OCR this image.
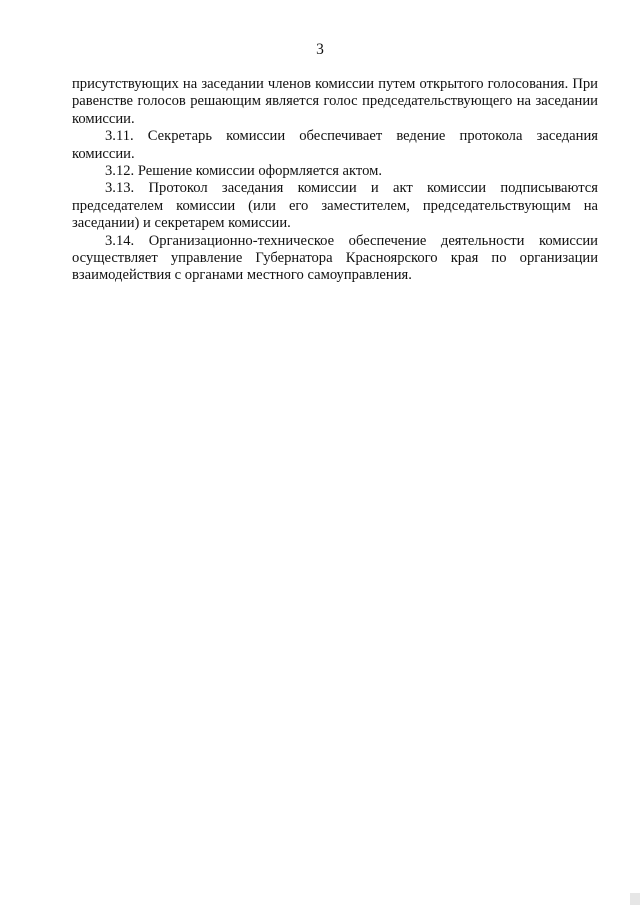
3

присутствующих на заседании членов комиссии путем открытого голосования. При равенстве голосов решающим является голос председательствующего на заседании комиссии.

3.11. Секретарь комиссии обеспечивает ведение протокола заседания комиссии.

3.12. Решение комиссии оформляется актом.

3.13. Протокол заседания комиссии и акт комиссии подписываются председателем комиссии (или его заместителем, председательствующим на заседании) и секретарем комиссии.

3.14. Организационно-техническое обеспечение деятельности комиссии осуществляет управление Губернатора Красноярского края по организации взаимодействия с органами местного самоуправления.
